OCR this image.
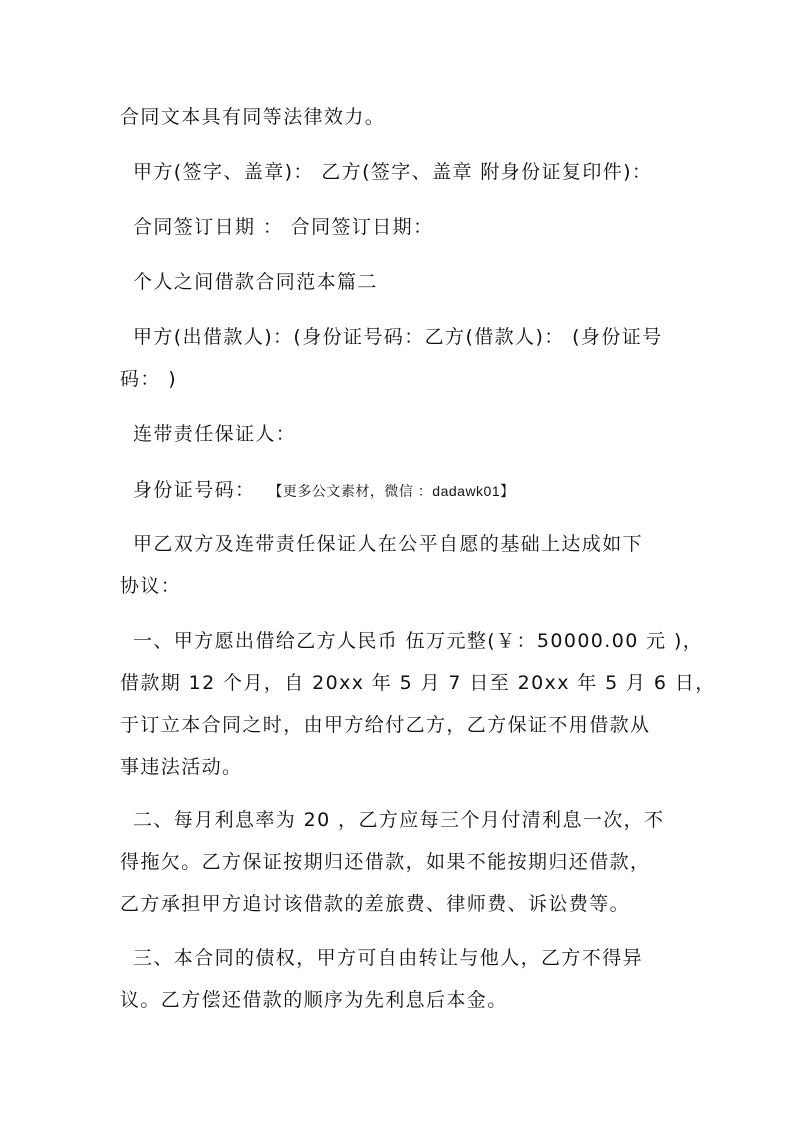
合同文本具有同等法律效力。
甲方(签字、盖章)： 乙方(签字、盖章 附身份证复印件)：
合同签订日期 ： 合同签订日期：
个人之间借款合同范本篇二
甲方(出借款人)：(身份证号码：乙方(借款人)： (身份证号
码： )
连带责任保证人：
身份证号码： 【更多公文素材，微信 ：dadawk01】
甲乙双方及连带责任保证人在公平自愿的基础上达成如下
协议：
一、甲方愿出借给乙方人民币 伍万元整(￥：50000.00 元 )，
借款期 12 个月，自 20xx 年 5 月 7 日至 20xx 年 5 月 6 日，
于订立本合同之时，由甲方给付乙方，乙方保证不用借款从
事违法活动。
二、每月利息率为 20 ，乙方应每三个月付清利息一次，不
得拖欠。乙方保证按期归还借款，如果不能按期归还借款，
乙方承担甲方追讨该借款的差旅费、律师费、诉讼费等。
三、本合同的债权，甲方可自由转让与他人，乙方不得异
议。乙方偿还借款的顺序为先利息后本金。
